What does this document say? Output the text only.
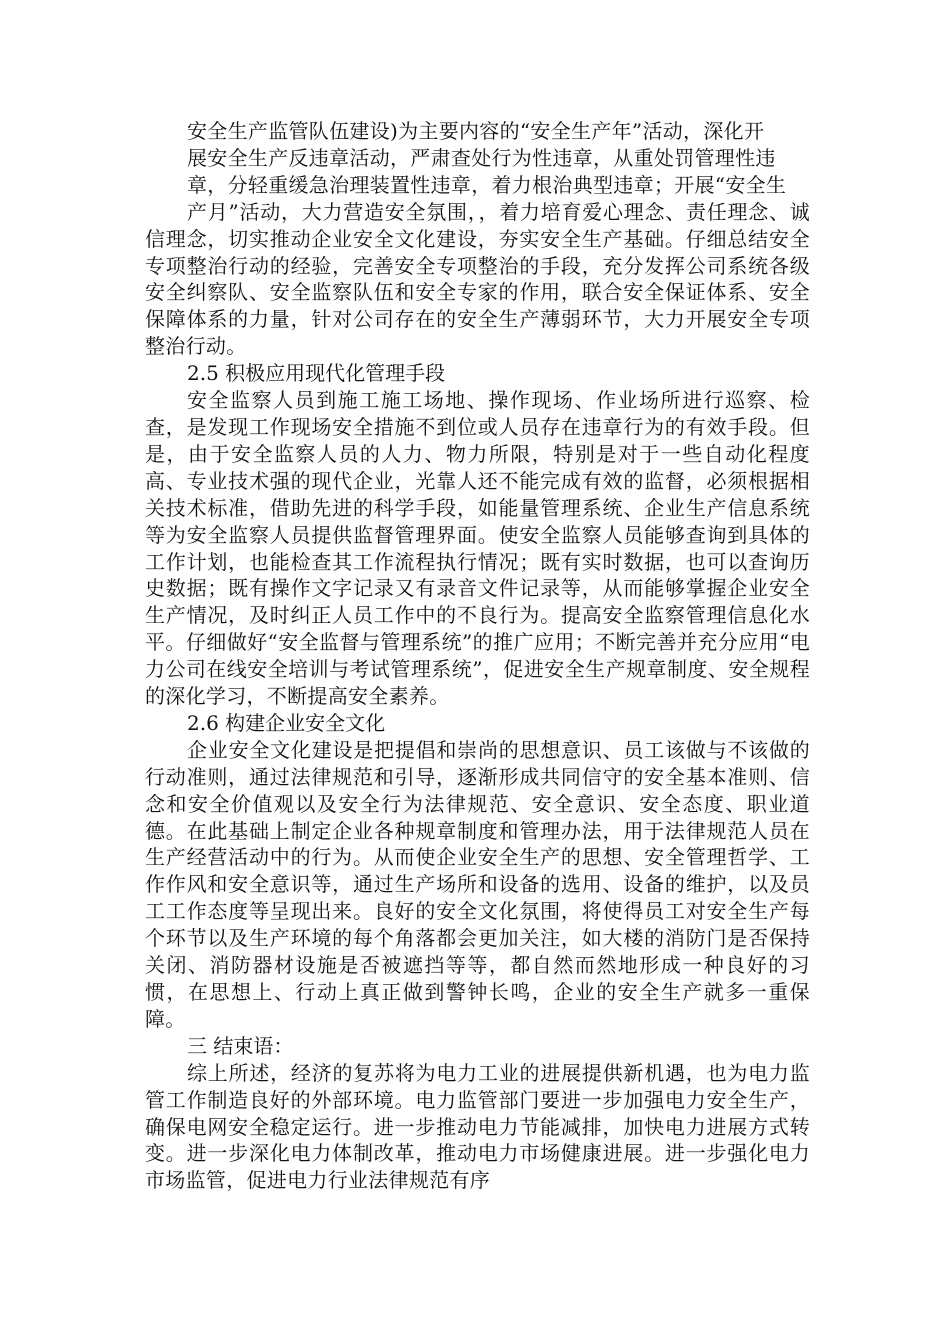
安全生产监管队伍建设)为主要内容的“安全生产年”活动，深化开

展安全生产反违章活动，严肃查处行为性违章，从重处罚管理性违

章，分轻重缓急治理装置性违章，着力根治典型违章；开展“安全生

产月”活动，大力营造安全氛围，，着力培育爱心理念、责任理念、诚信理念，切实推动企业安全文化建设，夯实安全生产基础。仔细总结安全专项整治行动的经验，完善安全专项整治的手段，充分发挥公司系统各级安全纠察队、安全监察队伍和安全专家的作用，联合安全保证体系、安全保障体系的力量，针对公司存在的安全生产薄弱环节，大力开展安全专项整治行动。

2.5 积极应用现代化管理手段

安全监察人员到施工施工场地、操作现场、作业场所进行巡察、检查，是发现工作现场安全措施不到位或人员存在违章行为的有效手段。但是，由于安全监察人员的人力、物力所限，特别是对于一些自动化程度高、专业技术强的现代企业，光靠人还不能完成有效的监督，必须根据相关技术标准，借助先进的科学手段，如能量管理系统、企业生产信息系统等为安全监察人员提供监督管理界面。使安全监察人员能够查询到具体的工作计划，也能检查其工作流程执行情况；既有实时数据，也可以查询历史数据；既有操作文字记录又有录音文件记录等，从而能够掌握企业安全生产情况，及时纠正人员工作中的不良行为。提高安全监察管理信息化水平。仔细做好“安全监督与管理系统”的推广应用；不断完善并充分应用“电力公司在线安全培训与考试管理系统”，促进安全生产规章制度、安全规程的深化学习，不断提高安全素养。

2.6 构建企业安全文化

企业安全文化建设是把提倡和崇尚的思想意识、员工该做与不该做的行动准则，通过法律规范和引导，逐渐形成共同信守的安全基本准则、信念和安全价值观以及安全行为法律规范、安全意识、安全态度、职业道德。在此基础上制定企业各种规章制度和管理办法，用于法律规范人员在生产经营活动中的行为。从而使企业安全生产的思想、安全管理哲学、工作作风和安全意识等，通过生产场所和设备的选用、设备的维护，以及员工工作态度等呈现出来。良好的安全文化氛围，将使得员工对安全生产每个环节以及生产环境的每个角落都会更加关注，如大楼的消防门是否保持关闭、消防器材设施是否被遮挡等等，都自然而然地形成一种良好的习惯，在思想上、行动上真正做到警钟长鸣，企业的安全生产就多一重保障。

三 结束语：

综上所述，经济的复苏将为电力工业的进展提供新机遇，也为电力监管工作制造良好的外部环境。电力监管部门要进一步加强电力安全生产，确保电网安全稳定运行。进一步推动电力节能减排，加快电力进展方式转变。进一步深化电力体制改革，推动电力市场健康进展。进一步强化电力市场监管，促进电力行业法律规范有序
